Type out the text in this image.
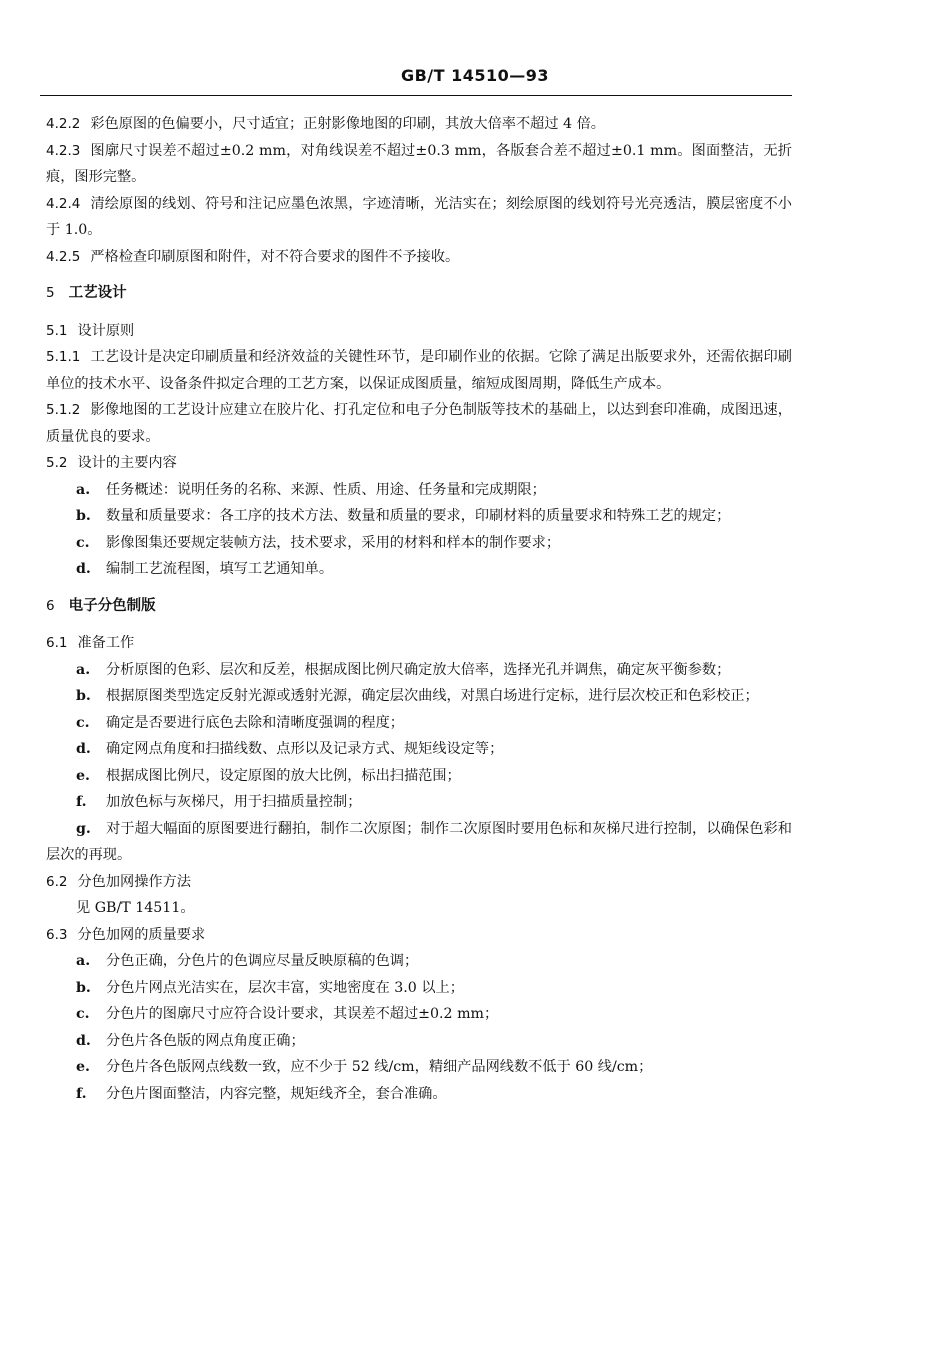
GB/T 14510—93

4.2.2 彩色原图的色偏要小，尺寸适宜；正射影像地图的印刷，其放大倍率不超过 4 倍。

4.2.3 图廓尺寸误差不超过±0.2 mm，对角线误差不超过±0.3 mm，各版套合差不超过±0.1 mm。图面整洁，无折痕，图形完整。

4.2.4 清绘原图的线划、符号和注记应墨色浓黑，字迹清晰，光洁实在；刻绘原图的线划符号光亮透洁，膜层密度不小于 1.0。

4.2.5 严格检查印刷原图和附件，对不符合要求的图件不予接收。

5 工艺设计

5.1 设计原则

5.1.1 工艺设计是决定印刷质量和经济效益的关键性环节，是印刷作业的依据。它除了满足出版要求外，还需依据印刷单位的技术水平、设备条件拟定合理的工艺方案，以保证成图质量，缩短成图周期，降低生产成本。

5.1.2 影像地图的工艺设计应建立在胶片化、打孔定位和电子分色制版等技术的基础上，以达到套印准确，成图迅速，质量优良的要求。

5.2 设计的主要内容

a. 任务概述：说明任务的名称、来源、性质、用途、任务量和完成期限；

b. 数量和质量要求：各工序的技术方法、数量和质量的要求，印刷材料的质量要求和特殊工艺的规定；

c. 影像图集还要规定装帧方法，技术要求，采用的材料和样本的制作要求；

d. 编制工艺流程图，填写工艺通知单。

6 电子分色制版

6.1 准备工作

a. 分析原图的色彩、层次和反差，根据成图比例尺确定放大倍率，选择光孔并调焦，确定灰平衡参数；

b. 根据原图类型选定反射光源或透射光源，确定层次曲线，对黑白场进行定标，进行层次校正和色彩校正；

c. 确定是否要进行底色去除和清晰度强调的程度；

d. 确定网点角度和扫描线数、点形以及记录方式、规矩线设定等；

e. 根据成图比例尺，设定原图的放大比例，标出扫描范围；

f. 加放色标与灰梯尺，用于扫描质量控制；

g. 对于超大幅面的原图要进行翻拍，制作二次原图；制作二次原图时要用色标和灰梯尺进行控制，以确保色彩和层次的再现。

6.2 分色加网操作方法

见 GB/T 14511。

6.3 分色加网的质量要求

a. 分色正确，分色片的色调应尽量反映原稿的色调；

b. 分色片网点光洁实在，层次丰富，实地密度在 3.0 以上；

c. 分色片的图廓尺寸应符合设计要求，其误差不超过±0.2 mm；

d. 分色片各色版的网点角度正确；

e. 分色片各色版网点线数一致，应不少于 52 线/cm，精细产品网线数不低于 60 线/cm；

f. 分色片图面整洁，内容完整，规矩线齐全，套合准确。
